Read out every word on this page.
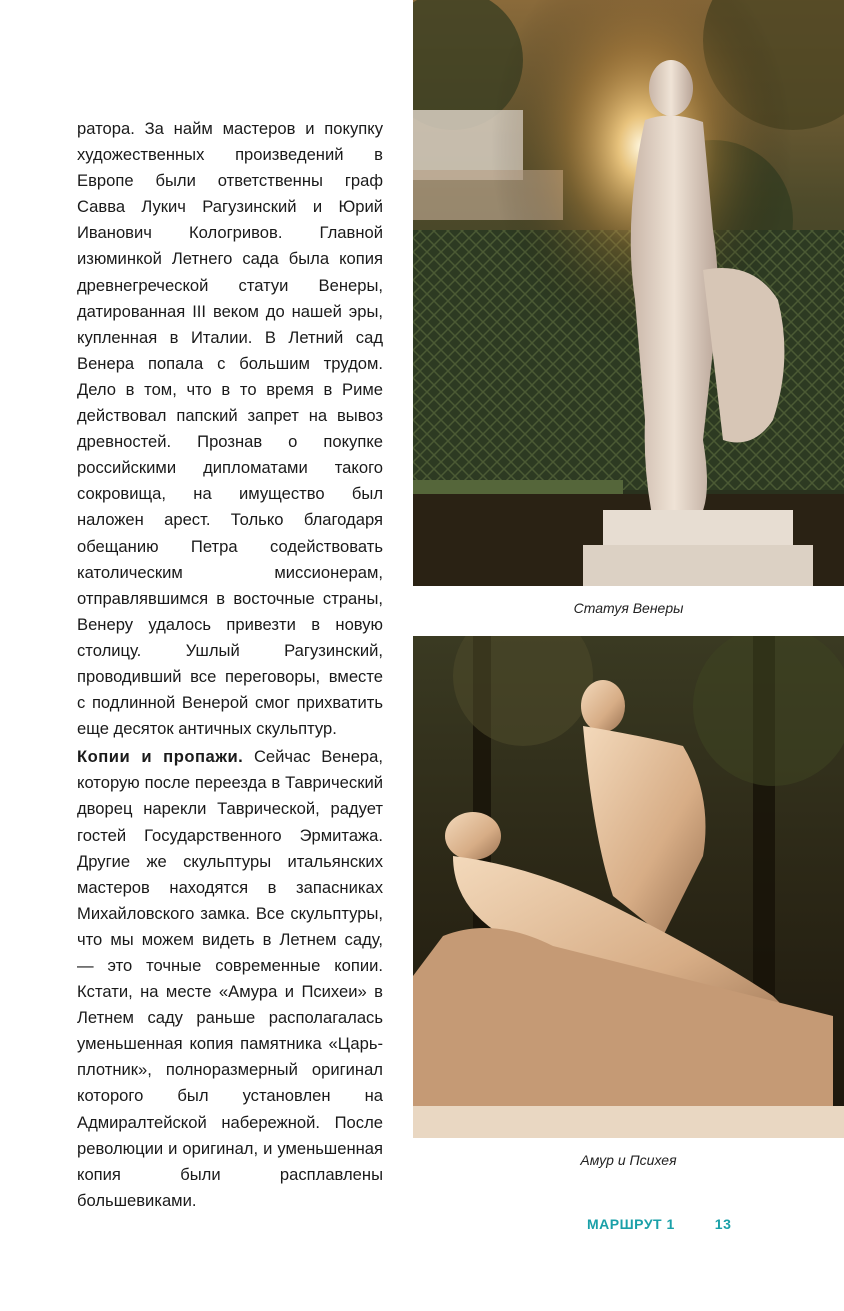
ратора. За найм мастеров и покупку художественных произведений в Европе были ответственны граф Савва Лукич Рагузинский и Юрий Иванович Кологривов. Главной изюминкой Летнего сада была копия древнегреческой статуи Венеры, датированная III веком до нашей эры, купленная в Италии. В Летний сад Венера попала с большим трудом. Дело в том, что в то время в Риме действовал папский запрет на вывоз древностей. Прознав о покупке российскими дипломатами такого сокровища, на имущество был наложен арест. Только благодаря обещанию Петра содействовать католическим миссионерам, отправлявшимся в восточные страны, Венеру удалось привезти в новую столицу. Ушлый Рагузинский, проводивший все переговоры, вместе с подлинной Венерой смог прихватить еще десяток античных скульптур.

Копии и пропажи. Сейчас Венера, которую после переезда в Таврический дворец нарекли Таврической, радует гостей Государственного Эрмитажа. Другие же скульптуры итальянских мастеров находятся в запасниках Михайловского замка. Все скульптуры, что мы можем видеть в Летнем саду, — это точные современные копии. Кстати, на месте «Амура и Психеи» в Летнем саду раньше располагалась уменьшенная копия памятника «Царь-плотник», полноразмерный оригинал которого был установлен на Адмиралтейской набережной. После революции и оригинал, и уменьшенная копия были расплавлены большевиками.

Статуя Венеры
Амур и Психея
МАРШРУТ 1	13
